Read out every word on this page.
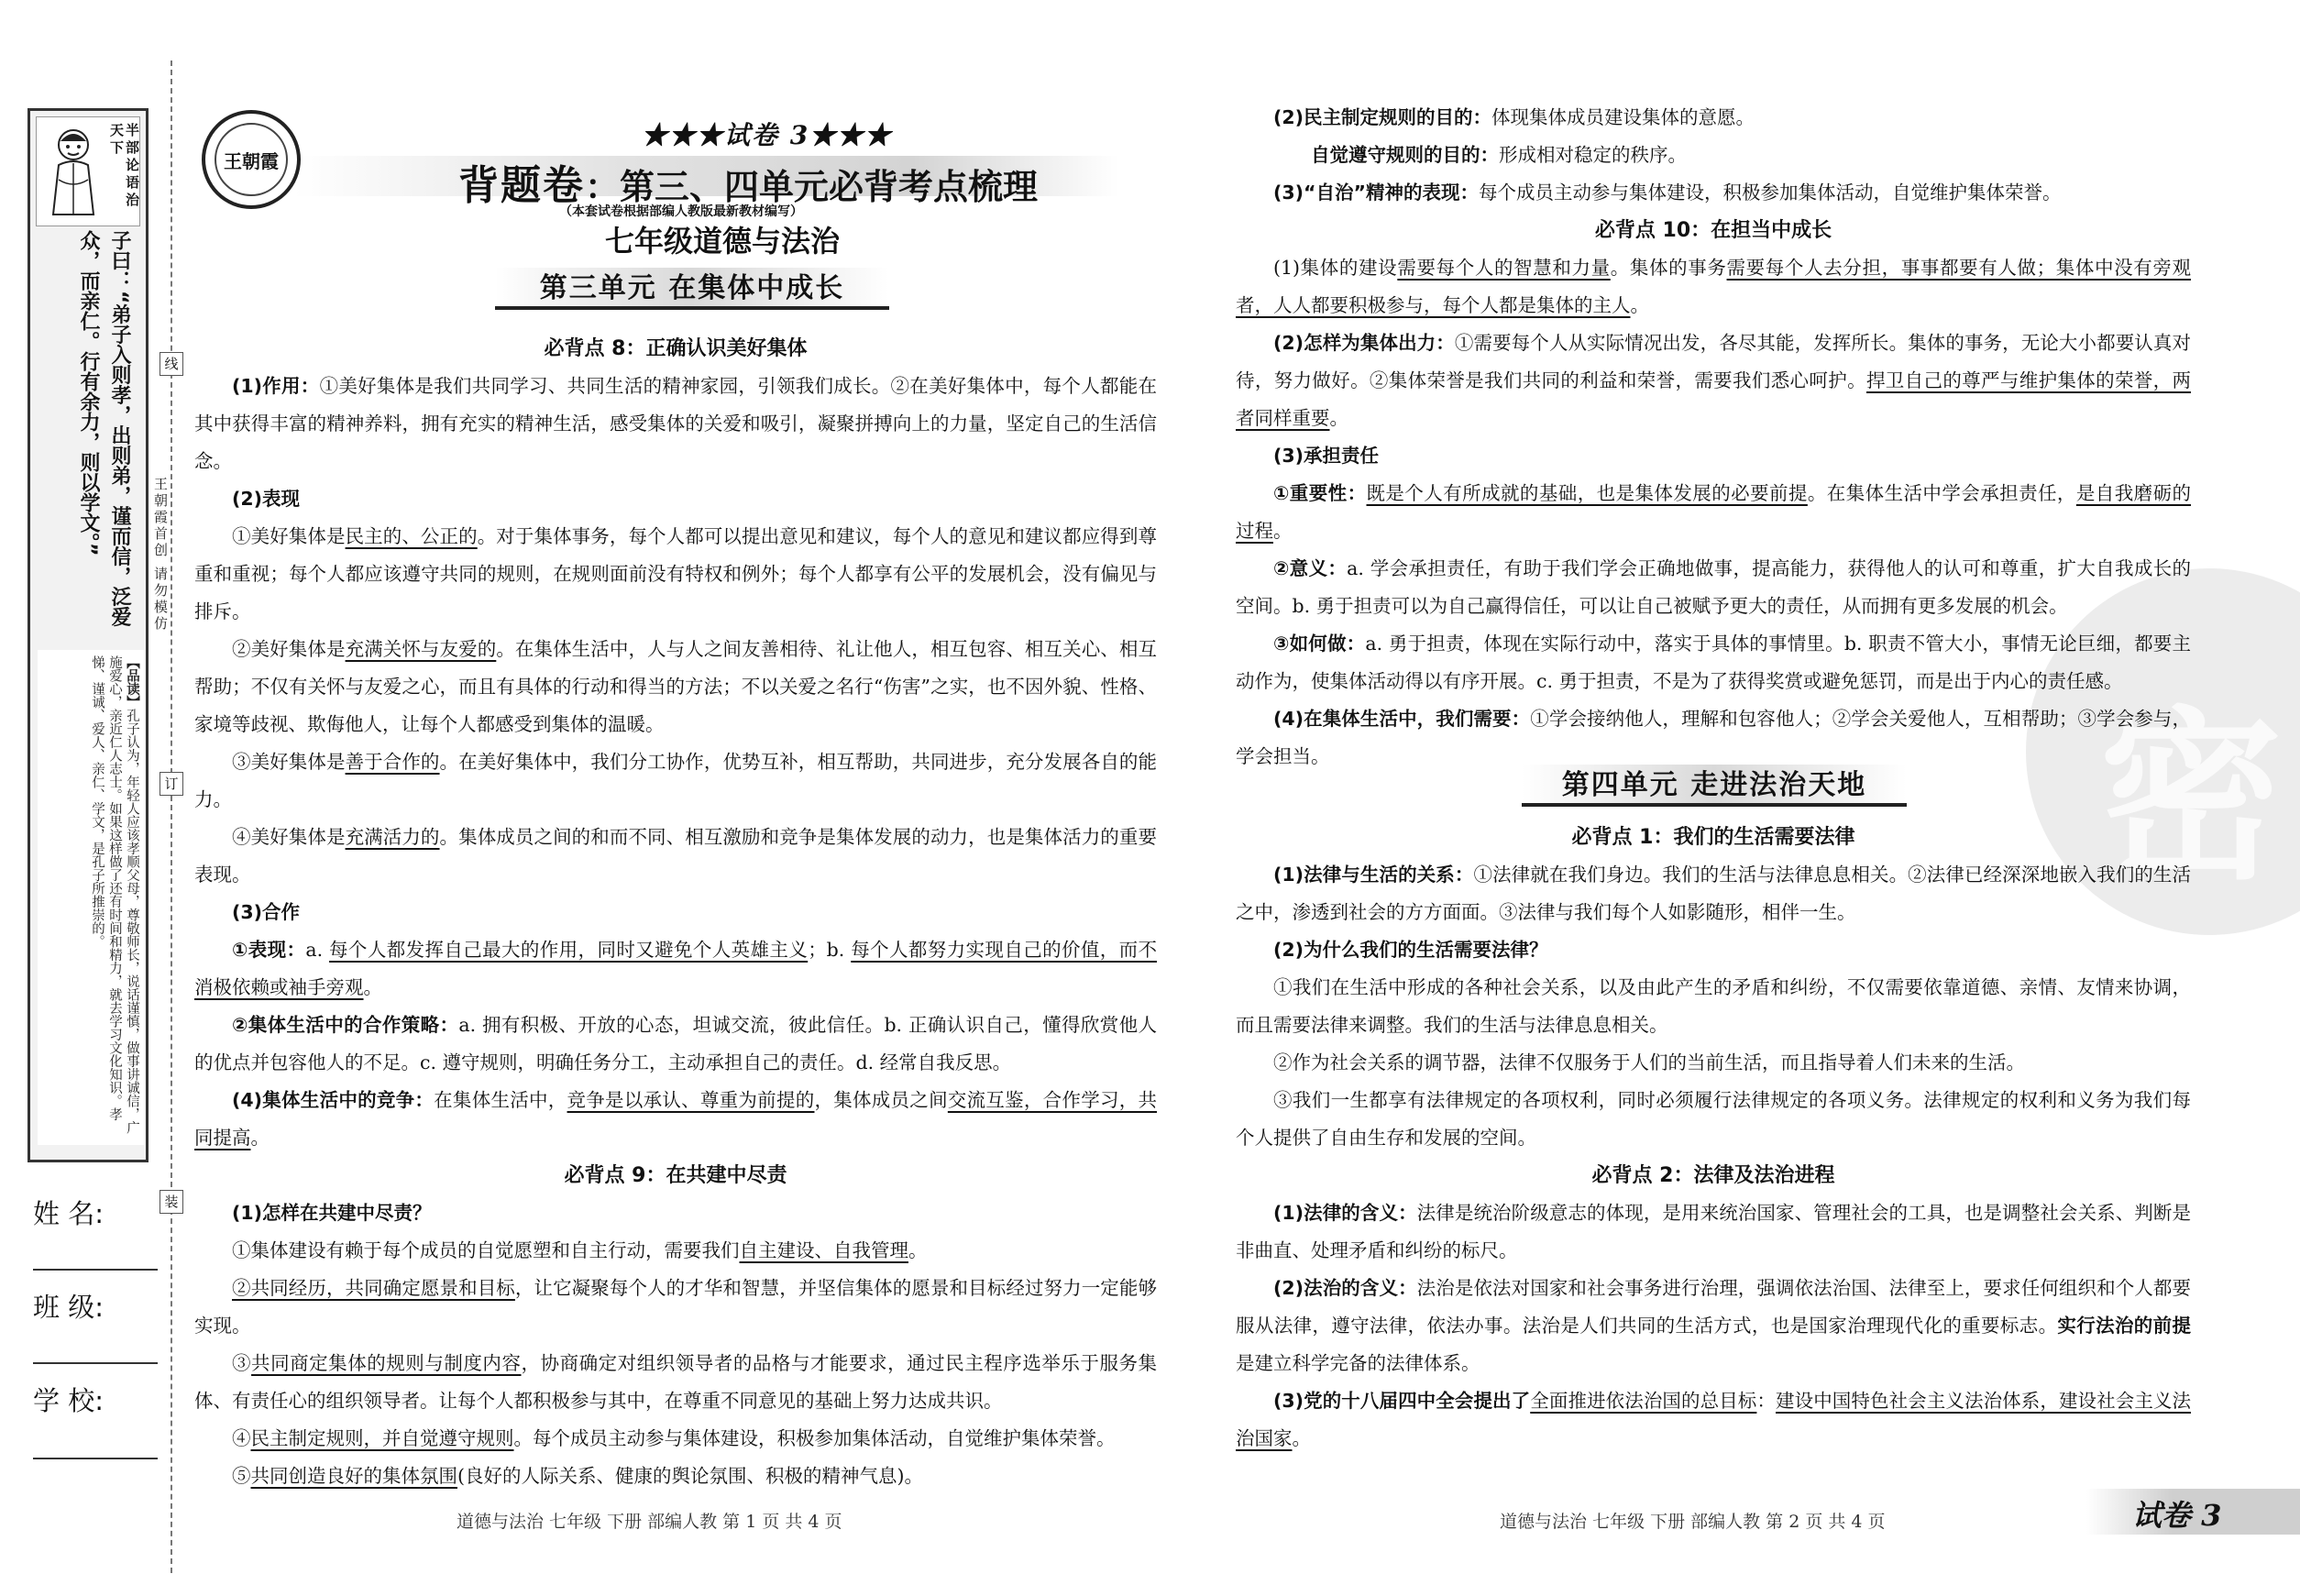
半部论语治天下
子曰：“弟子入则孝，出则弟，谨而信，泛爱众，而亲仁。行有余力，则以学文。”
【品读】孔子认为，年轻人应该孝顺父母，尊敬师长，说话谨慎，做事讲诚信，广施爱心，亲近仁人志士。如果这样做了还有时间和精力，就去学习文化知识。孝悌、谨诚、爱人、亲仁、学文，是孔子所推崇的。
姓 名:
班 级:
学 校:
线
订
装
王朝霞首创 请勿模仿
王朝霞
★★★试卷 3★★★
背题卷：第三、四单元必背考点梳理
（本套试卷根据部编人教版最新教材编写）
七年级道德与法治
第三单元 在集体中成长

必背点 8：正确认识美好集体

(1)作用：①美好集体是我们共同学习、共同生活的精神家园，引领我们成长。②在美好集体中，每个人都能在其中获得丰富的精神养料，拥有充实的精神生活，感受集体的关爱和吸引，凝聚拼搏向上的力量，坚定自己的生活信念。

(2)表现

①美好集体是民主的、公正的。对于集体事务，每个人都可以提出意见和建议，每个人的意见和建议都应得到尊重和重视；每个人都应该遵守共同的规则，在规则面前没有特权和例外；每个人都享有公平的发展机会，没有偏见与排斥。

②美好集体是充满关怀与友爱的。在集体生活中，人与人之间友善相待、礼让他人，相互包容、相互关心、相互帮助；不仅有关怀与友爱之心，而且有具体的行动和得当的方法；不以关爱之名行“伤害”之实，也不因外貌、性格、家境等歧视、欺侮他人，让每个人都感受到集体的温暖。

③美好集体是善于合作的。在美好集体中，我们分工协作，优势互补，相互帮助，共同进步，充分发展各自的能力。

④美好集体是充满活力的。集体成员之间的和而不同、相互激励和竞争是集体发展的动力，也是集体活力的重要表现。

(3)合作

①表现：a. 每个人都发挥自己最大的作用，同时又避免个人英雄主义；b. 每个人都努力实现自己的价值，而不消极依赖或袖手旁观。

②集体生活中的合作策略：a. 拥有积极、开放的心态，坦诚交流，彼此信任。b. 正确认识自己，懂得欣赏他人的优点并包容他人的不足。c. 遵守规则，明确任务分工，主动承担自己的责任。d. 经常自我反思。

(4)集体生活中的竞争：在集体生活中，竞争是以承认、尊重为前提的，集体成员之间交流互鉴，合作学习，共同提高。

必背点 9：在共建中尽责

(1)怎样在共建中尽责？

①集体建设有赖于每个成员的自觉愿塑和自主行动，需要我们自主建设、自我管理。

②共同经历，共同确定愿景和目标，让它凝聚每个人的才华和智慧，并坚信集体的愿景和目标经过努力一定能够实现。

③共同商定集体的规则与制度内容，协商确定对组织领导者的品格与才能要求，通过民主程序选举乐于服务集体、有责任心的组织领导者。让每个人都积极参与其中，在尊重不同意见的基础上努力达成共识。

④民主制定规则，并自觉遵守规则。每个成员主动参与集体建设，积极参加集体活动，自觉维护集体荣誉。

⑤共同创造良好的集体氛围(良好的人际关系、健康的舆论氛围、积极的精神气息)。

密

(2)民主制定规则的目的：体现集体成员建设集体的意愿。

自觉遵守规则的目的：形成相对稳定的秩序。

(3)“自治”精神的表现：每个成员主动参与集体建设，积极参加集体活动，自觉维护集体荣誉。

必背点 10：在担当中成长

(1)集体的建设需要每个人的智慧和力量。集体的事务需要每个人去分担，事事都要有人做；集体中没有旁观者，人人都要积极参与，每个人都是集体的主人。

(2)怎样为集体出力：①需要每个人从实际情况出发，各尽其能，发挥所长。集体的事务，无论大小都要认真对待，努力做好。②集体荣誉是我们共同的利益和荣誉，需要我们悉心呵护。捍卫自己的尊严与维护集体的荣誉，两者同样重要。

(3)承担责任

①重要性：既是个人有所成就的基础，也是集体发展的必要前提。在集体生活中学会承担责任，是自我磨砺的过程。

②意义：a. 学会承担责任，有助于我们学会正确地做事，提高能力，获得他人的认可和尊重，扩大自我成长的空间。b. 勇于担责可以为自己赢得信任，可以让自己被赋予更大的责任，从而拥有更多发展的机会。

③如何做：a. 勇于担责，体现在实际行动中，落实于具体的事情里。b. 职责不管大小，事情无论巨细，都要主动作为，使集体活动得以有序开展。c. 勇于担责，不是为了获得奖赏或避免惩罚，而是出于内心的责任感。

(4)在集体生活中，我们需要：①学会接纳他人，理解和包容他人；②学会关爱他人，互相帮助；③学会参与，学会担当。

第四单元 走进法治天地

必背点 1：我们的生活需要法律

(1)法律与生活的关系：①法律就在我们身边。我们的生活与法律息息相关。②法律已经深深地嵌入我们的生活之中，渗透到社会的方方面面。③法律与我们每个人如影随形，相伴一生。

(2)为什么我们的生活需要法律？

①我们在生活中形成的各种社会关系，以及由此产生的矛盾和纠纷，不仅需要依靠道德、亲情、友情来协调，而且需要法律来调整。我们的生活与法律息息相关。

②作为社会关系的调节器，法律不仅服务于人们的当前生活，而且指导着人们未来的生活。

③我们一生都享有法律规定的各项权利，同时必须履行法律规定的各项义务。法律规定的权利和义务为我们每个人提供了自由生存和发展的空间。

必背点 2：法律及法治进程

(1)法律的含义：法律是统治阶级意志的体现，是用来统治国家、管理社会的工具，也是调整社会关系、判断是非曲直、处理矛盾和纠纷的标尺。

(2)法治的含义：法治是依法对国家和社会事务进行治理，强调依法治国、法律至上，要求任何组织和个人都要服从法律，遵守法律，依法办事。法治是人们共同的生活方式，也是国家治理现代化的重要标志。实行法治的前提是建立科学完备的法律体系。

(3)党的十八届四中全会提出了全面推进依法治国的总目标：建设中国特色社会主义法治体系，建设社会主义法治国家。

道德与法治 七年级 下册 部编人教 第 1 页 共 4 页	道德与法治 七年级 下册 部编人教 第 2 页 共 4 页	试卷 3
